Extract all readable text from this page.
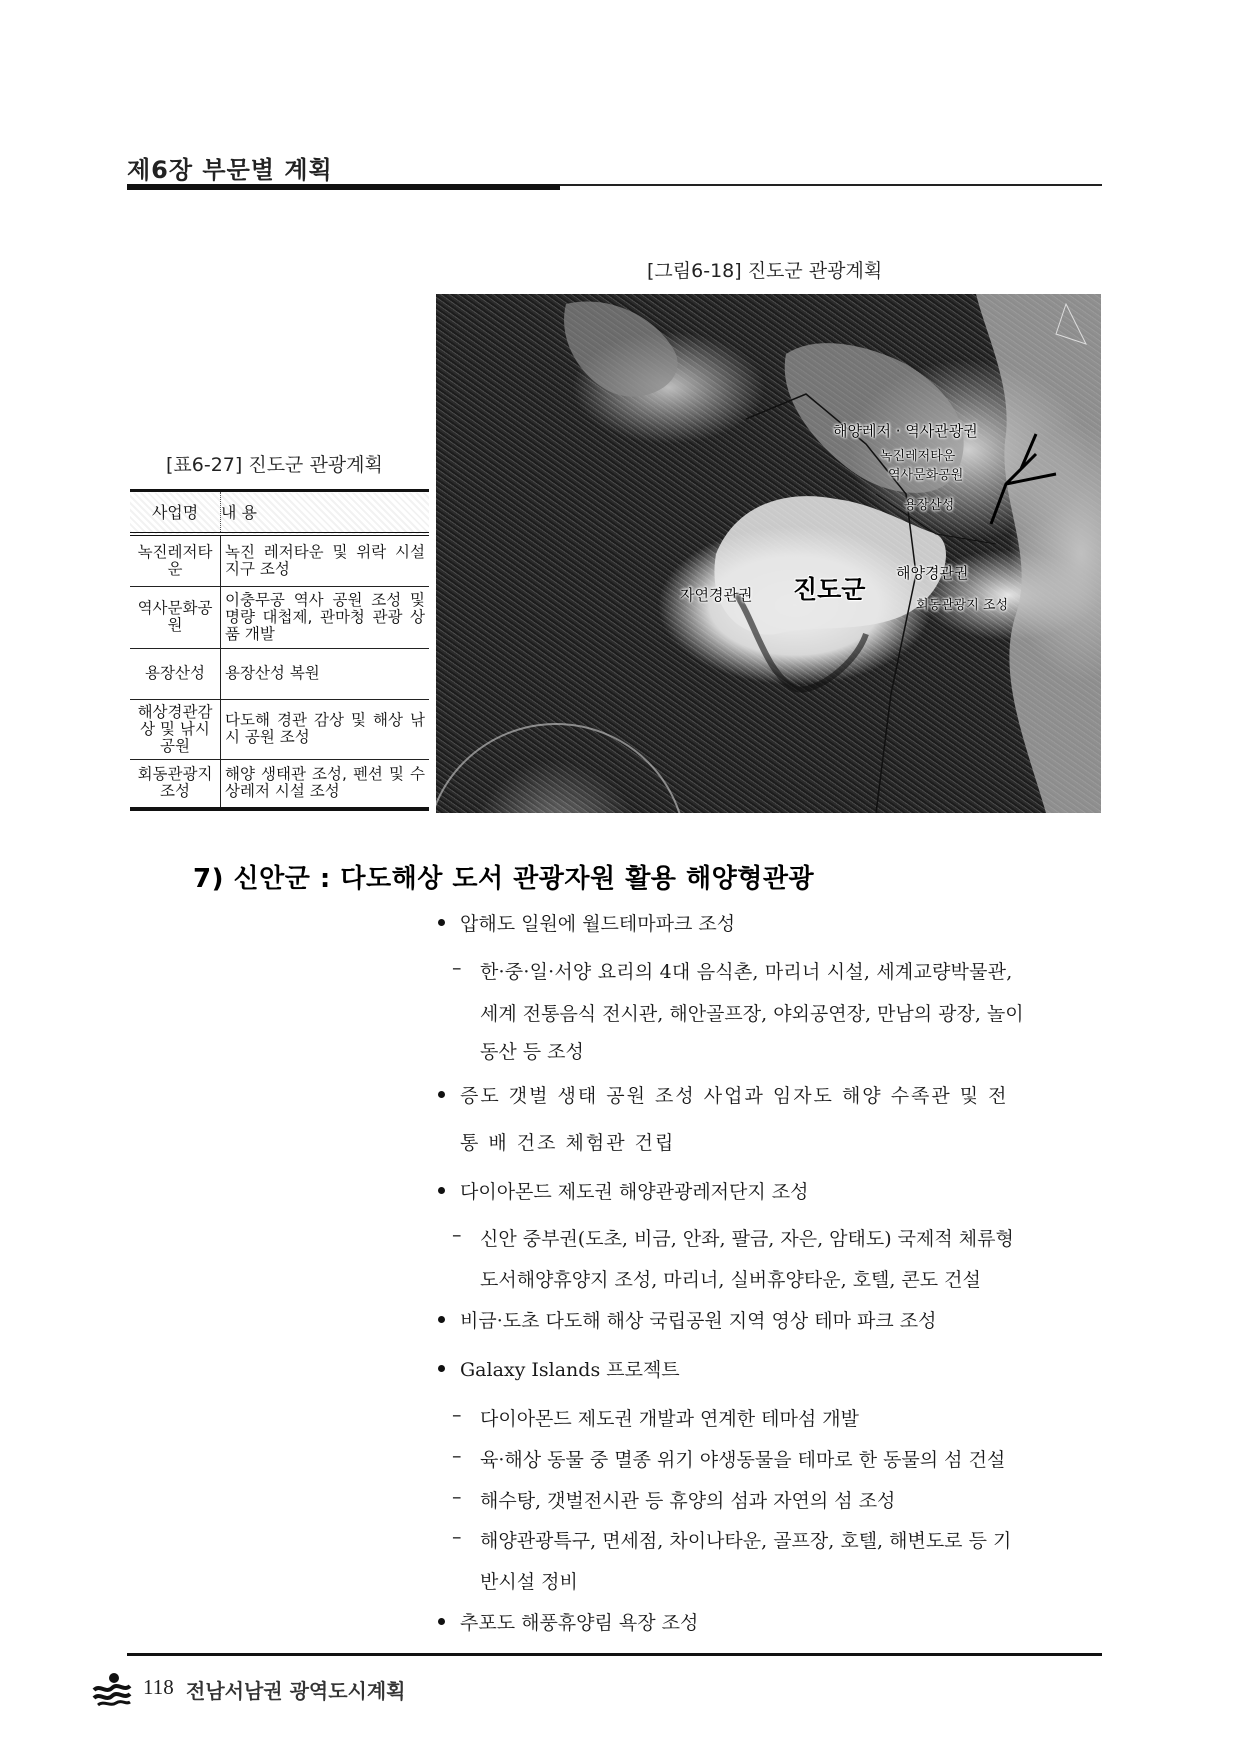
제6장 부문별 계획
[표6-27] 진도군 관광계획
사업명	내 용
녹진레저타운	녹진 레저타운 및 위락 시설 지구 조성
역사문화공원	이충무공 역사 공원 조성 및 명량 대첩제, 관마청 관광 상품 개발
용장산성	용장산성 복원
해상경관감상 및 낚시공원	다도해 경관 감상 및 해상 낚시 공원 조성
회동관광지 조성	해양 생태관 조성, 펜션 및 수상레저 시설 조성
[그림6-18] 진도군 관광계획
해양레저 · 역사관광권
녹진레저타운
역사문화공원
용장산성
진도군
자연경관권
해양경관권
회동관광지 조성
7) 신안군 : 다도해상 도서 관광자원 활용 해양형관광
압해도 일원에 월드테마파크 조성
– 한·중·일·서양 요리의 4대 음식촌, 마리너 시설, 세계교량박물관,
세계 전통음식 전시관, 해안골프장, 야외공연장, 만남의 광장, 놀이
동산 등 조성
증도 갯벌 생태 공원 조성 사업과 임자도 해양 수족관 및 전
통 배 건조 체험관 건립
다이아몬드 제도권 해양관광레저단지 조성
– 신안 중부권(도초, 비금, 안좌, 팔금, 자은, 암태도) 국제적 체류형
도서해양휴양지 조성, 마리너, 실버휴양타운, 호텔, 콘도 건설
비금·도초 다도해 해상 국립공원 지역 영상 테마 파크 조성
Galaxy Islands 프로젝트
– 다이아몬드 제도권 개발과 연계한 테마섬 개발
– 육·해상 동물 중 멸종 위기 야생동물을 테마로 한 동물의 섬 건설
– 해수탕, 갯벌전시관 등 휴양의 섬과 자연의 섬 조성
– 해양관광특구, 면세점, 차이나타운, 골프장, 호텔, 해변도로 등 기
반시설 정비
추포도 해풍휴양림 욕장 조성
118 전남서남권 광역도시계획
